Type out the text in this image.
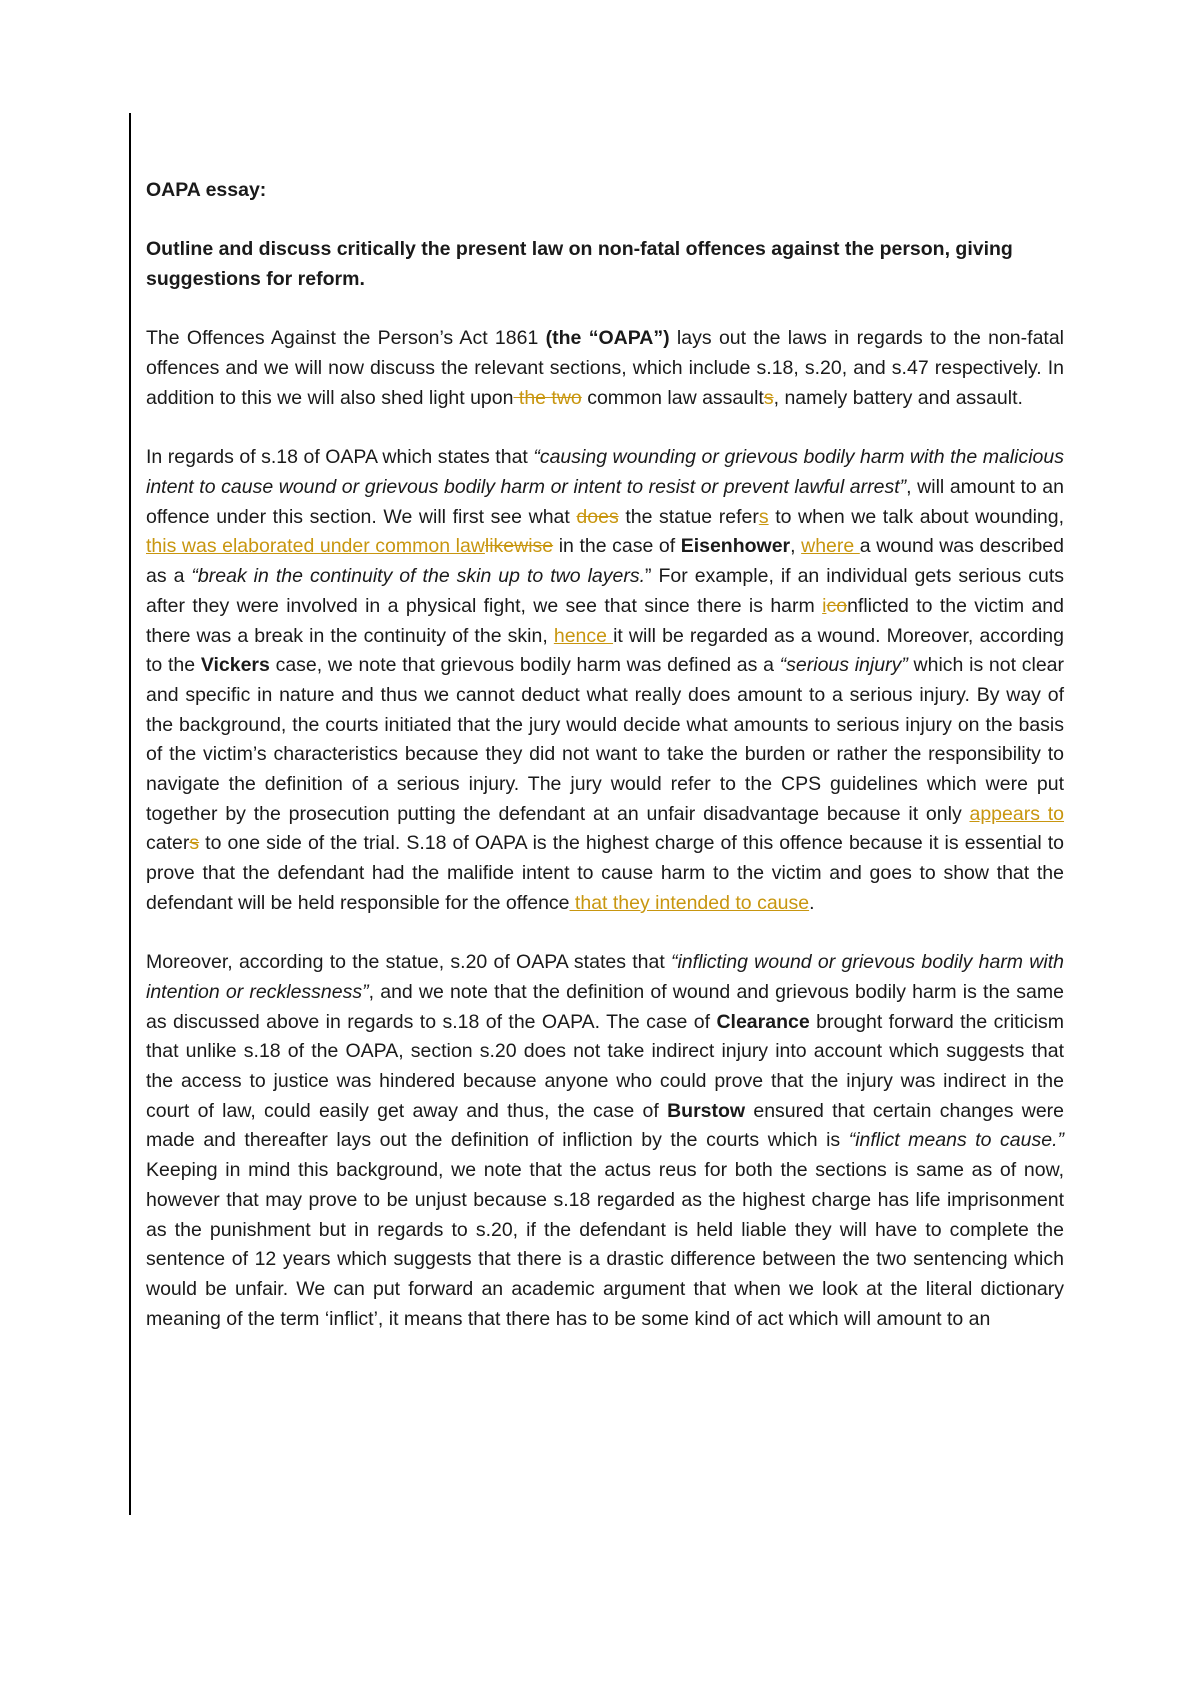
OAPA essay:

Outline and discuss critically the present law on non-fatal offences against the person, giving suggestions for reform.

The Offences Against the Person’s Act 1861 (the “OAPA”) lays out the laws in regards to the non-fatal offences and we will now discuss the relevant sections, which include s.18, s.20, and s.47 respectively. In addition to this we will also shed light upon the two common law assaults, namely battery and assault.

In regards of s.18 of OAPA which states that “causing wounding or grievous bodily harm with the malicious intent to cause wound or grievous bodily harm or intent to resist or prevent lawful arrest”, will amount to an offence under this section. We will first see what does the statue refers to when we talk about wounding, this was elaborated under common lawlikewise in the case of Eisenhower, where a wound was described as a “break in the continuity of the skin up to two layers.” For example, if an individual gets serious cuts after they were involved in a physical fight, we see that since there is harm iconflicted to the victim and there was a break in the continuity of the skin, hence it will be regarded as a wound. Moreover, according to the Vickers case, we note that grievous bodily harm was defined as a “serious injury” which is not clear and specific in nature and thus we cannot deduct what really does amount to a serious injury. By way of the background, the courts initiated that the jury would decide what amounts to serious injury on the basis of the victim’s characteristics because they did not want to take the burden or rather the responsibility to navigate the definition of a serious injury. The jury would refer to the CPS guidelines which were put together by the prosecution putting the defendant at an unfair disadvantage because it only appears to caters to one side of the trial. S.18 of OAPA is the highest charge of this offence because it is essential to prove that the defendant had the malifide intent to cause harm to the victim and goes to show that the defendant will be held responsible for the offence that they intended to cause.

Moreover, according to the statue, s.20 of OAPA states that “inflicting wound or grievous bodily harm with intention or recklessness”, and we note that the definition of wound and grievous bodily harm is the same as discussed above in regards to s.18 of the OAPA. The case of Clearance brought forward the criticism that unlike s.18 of the OAPA, section s.20 does not take indirect injury into account which suggests that the access to justice was hindered because anyone who could prove that the injury was indirect in the court of law, could easily get away and thus, the case of Burstow ensured that certain changes were made and thereafter lays out the definition of infliction by the courts which is “inflict means to cause.” Keeping in mind this background, we note that the actus reus for both the sections is same as of now, however that may prove to be unjust because s.18 regarded as the highest charge has life imprisonment as the punishment but in regards to s.20, if the defendant is held liable they will have to complete the sentence of 12 years which suggests that there is a drastic difference between the two sentencing which would be unfair. We can put forward an academic argument that when we look at the literal dictionary meaning of the term ‘inflict’, it means that there has to be some kind of act which will amount to an
